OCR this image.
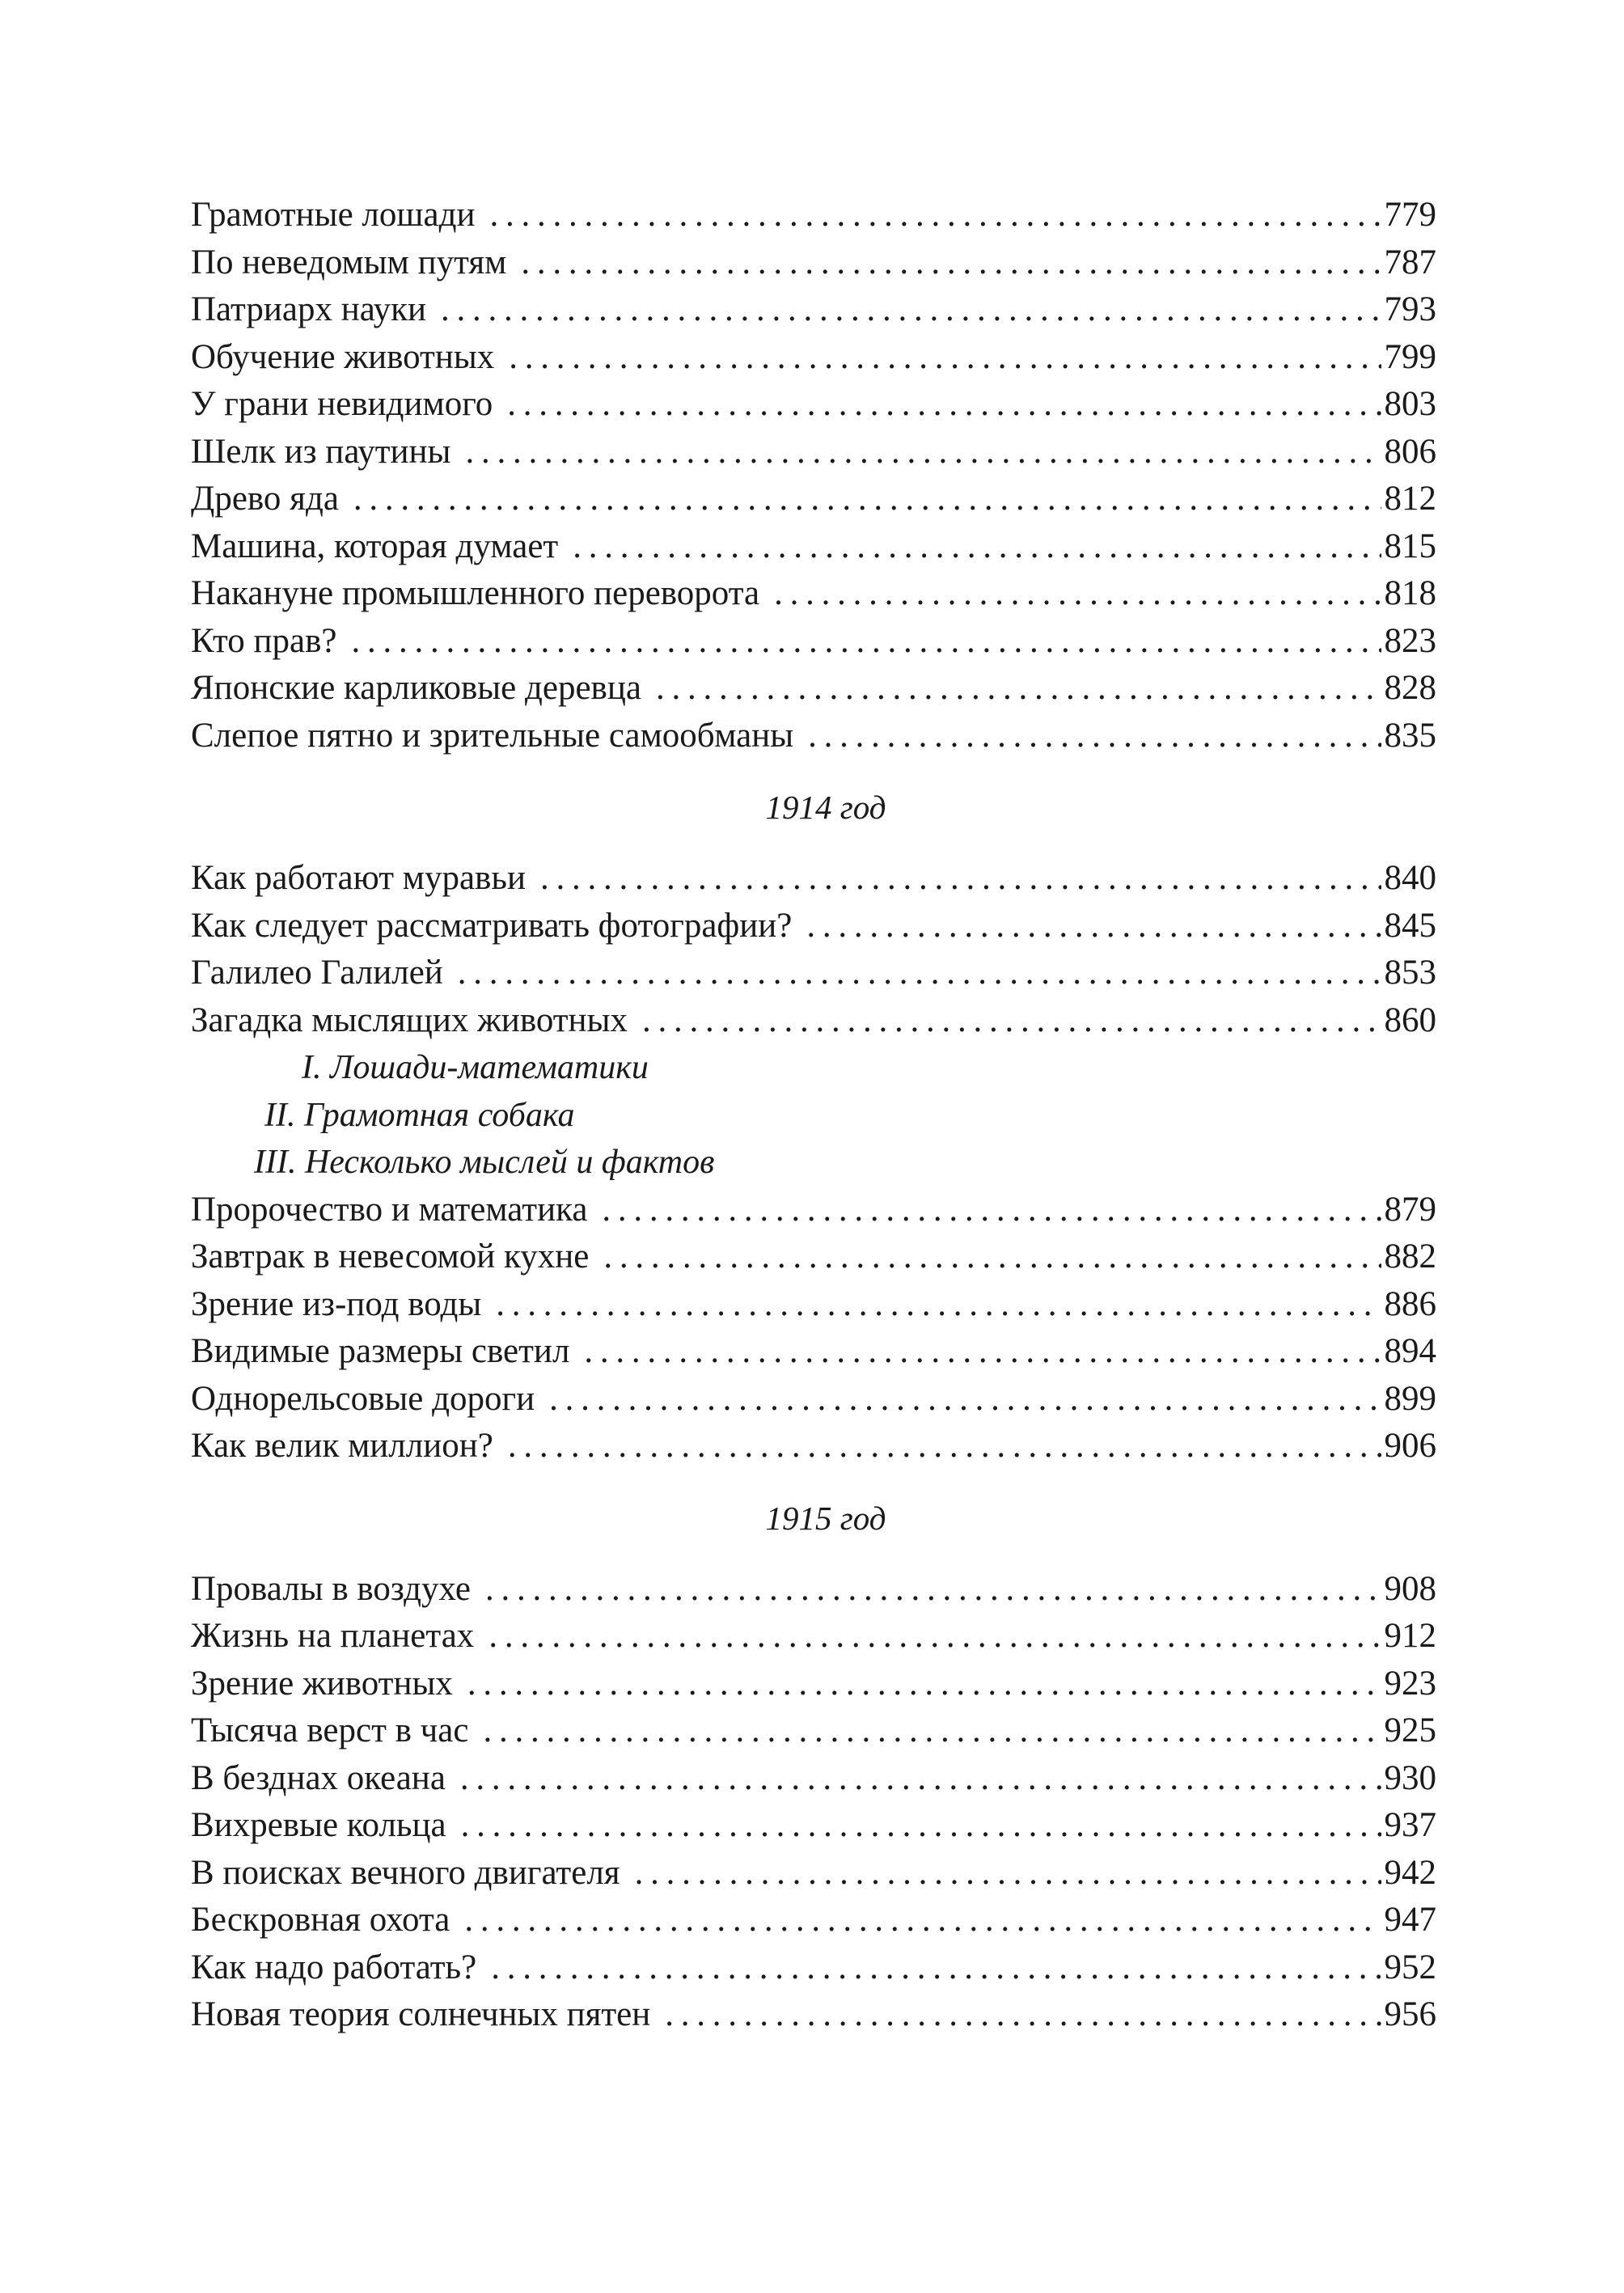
Грамотные лошади . . .	779
По неведомым путям . . .	787
Патриарх науки . . .	793
Обучение животных . . .	799
У грани невидимого . . .	803
Шелк из паутины . . .	806
Древо яда . . .	812
Машина, которая думает . . .	815
Накануне промышленного переворота . . .	818
Кто прав? . . .	823
Японские карликовые деревца . . .	828
Слепое пятно и зрительные самообманы . . .	835
1914 год
Как работают муравьи . . .	840
Как следует рассматривать фотографии? . . .	845
Галилео Галилей . . .	853
Загадка мыслящих животных . . .	860
I. Лошади-математики
II. Грамотная собака
III. Несколько мыслей и фактов
Пророчество и математика . . .	879
Завтрак в невесомой кухне . . .	882
Зрение из-под воды . . .	886
Видимые размеры светил . . .	894
Однорельсовые дороги . . .	899
Как велик миллион? . . .	906
1915 год
Провалы в воздухе . . .	908
Жизнь на планетах . . .	912
Зрение животных . . .	923
Тысяча верст в час . . .	925
В безднах океана . . .	930
Вихревые кольца . . .	937
В поисках вечного двигателя . . .	942
Бескровная охота . . .	947
Как надо работать? . . .	952
Новая теория солнечных пятен . . .	956
